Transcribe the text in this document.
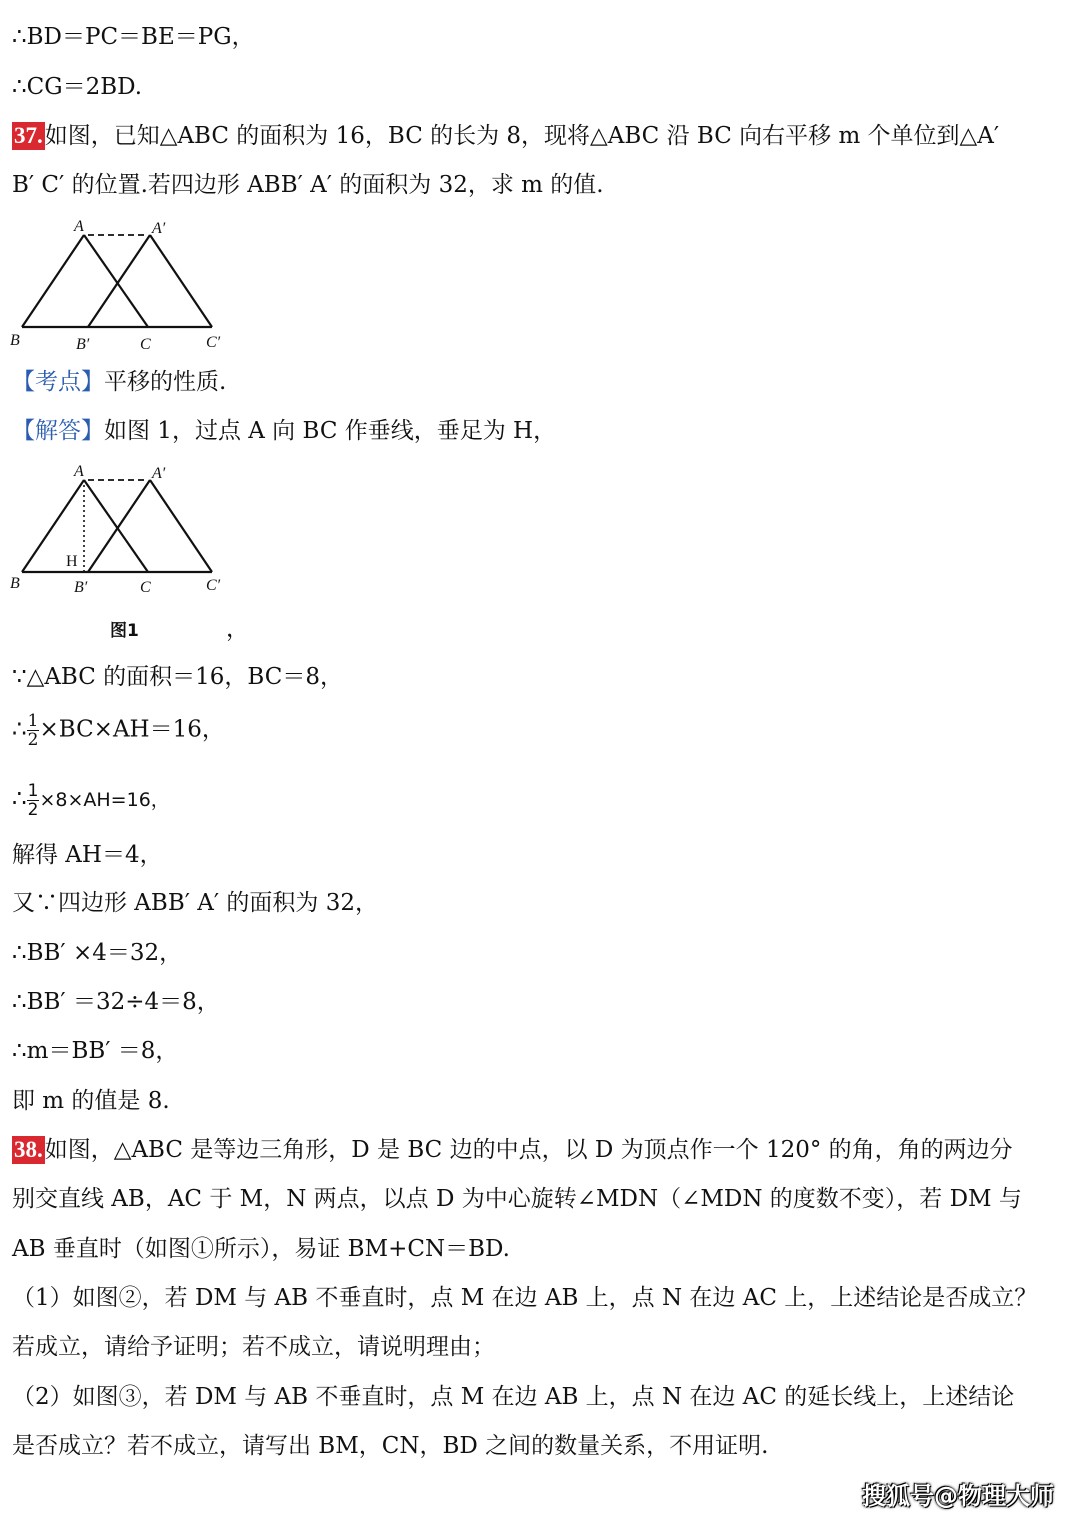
∴BD＝PC＝BE＝PG，
∴CG＝2BD.
37.如图，已知△ABC 的面积为 16，BC 的长为 8，现将△ABC 沿 BC 向右平移 m 个单位到△A′
B′ C′ 的位置.若四边形 ABB′ A′ 的面积为 32，求 m 的值.
A	A′
B	B′	C	C′
【考点】平移的性质.
【解答】如图 1，过点 A 向 BC 作垂线，垂足为 H，
A	A′
H
B	B′	C	C′
图1	，
∵△ABC 的面积＝16，BC＝8，
∴ $\frac{1}{2} \times BC\times AH=16$，
∴ $\frac{1}{2} \times 8\times AH=16$，
解得 AH＝4，
又∵四边形 ABB′ A′ 的面积为 32，
∴BB′ ×4＝32，
∴BB′ ＝32÷4＝8，
∴m＝BB′ ＝8，
即 m 的值是 8.
38.如图，△ABC 是等边三角形，D 是 BC 边的中点，以 D 为顶点作一个 120° 的角，角的两边分
别交直线 AB，AC 于 M，N 两点，以点 D 为中心旋转∠MDN（∠MDN 的度数不变），若 DM 与
AB 垂直时（如图①所示），易证 BM+CN＝BD.
（1）如图②，若 DM 与 AB 不垂直时，点 M 在边 AB 上，点 N 在边 AC 上，上述结论是否成立？
若成立，请给予证明；若不成立，请说明理由；
（2）如图③，若 DM 与 AB 不垂直时，点 M 在边 AB 上，点 N 在边 AC 的延长线上，上述结论
是否成立？若不成立，请写出 BM，CN，BD 之间的数量关系，不用证明.
搜狐号@物理大师
